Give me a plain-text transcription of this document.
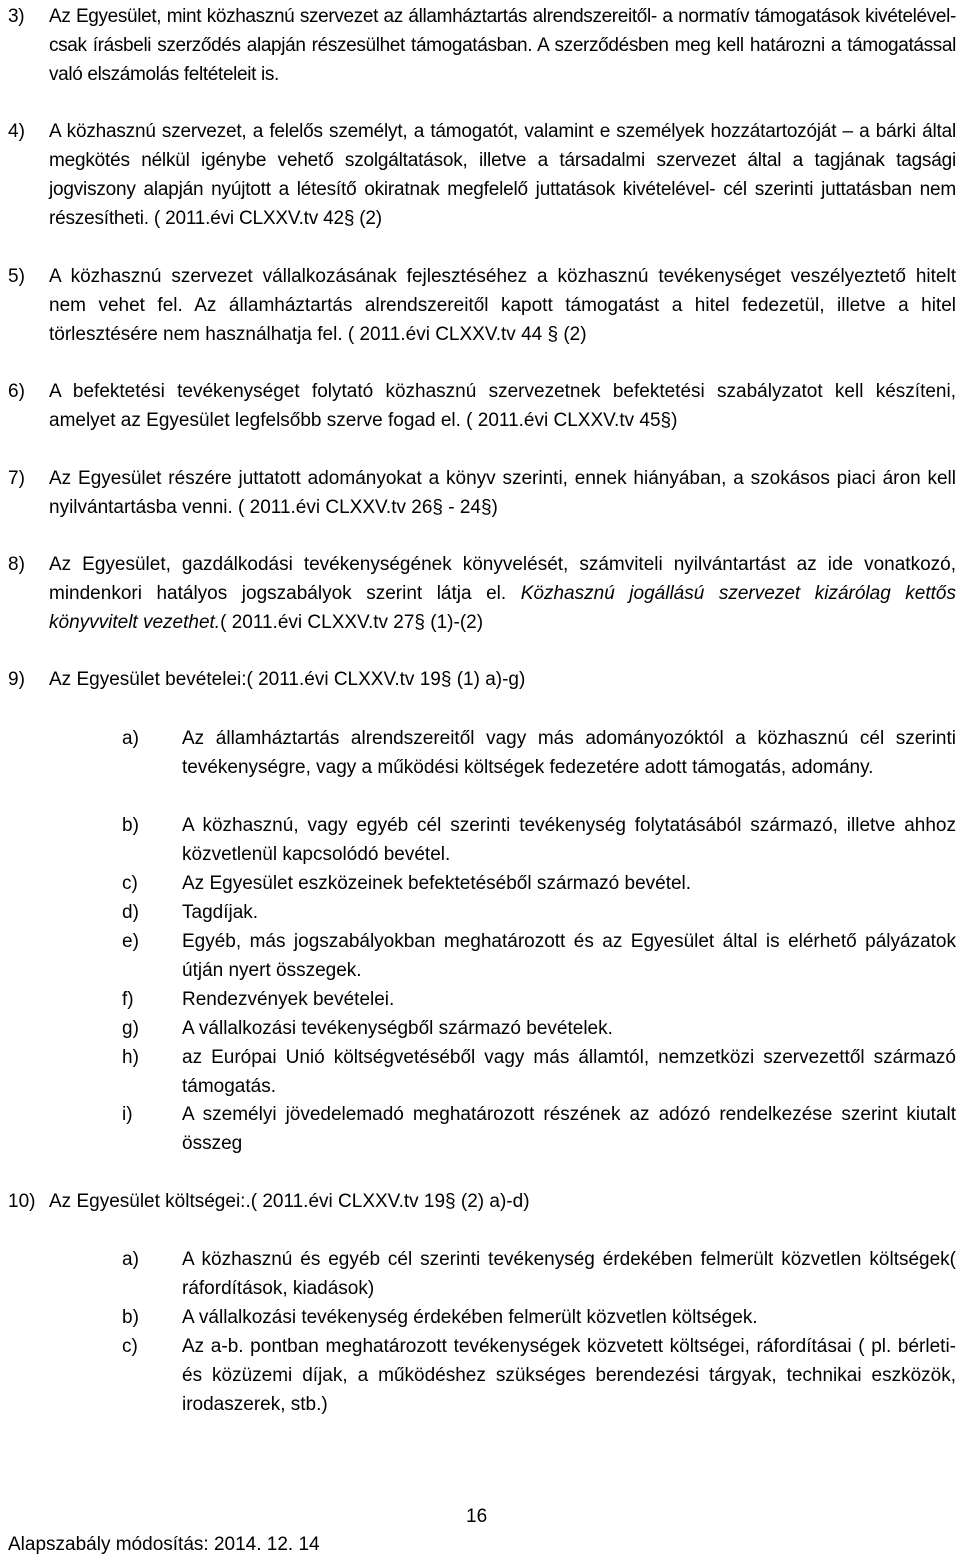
3) Az Egyesület, mint közhasznú szervezet az államháztartás alrendszereitől- a normatív támogatások kivételével- csak írásbeli szerződés alapján részesülhet támogatásban. A szerződésben meg kell határozni a támogatással való elszámolás feltételeit is.
4) A közhasznú szervezet, a felelős személyt, a támogatót, valamint e személyek hozzátartozóját – a bárki által megkötés nélkül igénybe vehető szolgáltatások, illetve a társadalmi szervezet által a tagjának tagsági jogviszony alapján nyújtott a létesítő okiratnak megfelelő juttatások kivételével- cél szerinti juttatásban nem részesítheti. ( 2011.évi CLXXV.tv 42§ (2)
5) A közhasznú szervezet vállalkozásának fejlesztéséhez a közhasznú tevékenységet veszélyeztető hitelt nem vehet fel. Az államháztartás alrendszereitől kapott támogatást a hitel fedezetül, illetve a hitel törlesztésére nem használhatja fel. ( 2011.évi CLXXV.tv 44 § (2)
6) A befektetési tevékenységet folytató közhasznú szervezetnek befektetési szabályzatot kell készíteni, amelyet az Egyesület legfelsőbb szerve fogad el. ( 2011.évi CLXXV.tv 45§)
7) Az Egyesület részére juttatott adományokat a könyv szerinti, ennek hiányában, a szokásos piaci áron kell nyilvántartásba venni. ( 2011.évi CLXXV.tv 26§ - 24§)
8) Az Egyesület, gazdálkodási tevékenységének könyvelését, számviteli nyilvántartást az ide vonatkozó, mindenkori hatályos jogszabályok szerint látja el. Közhasznú jogállású szervezet kizárólag kettős könyvvitelt vezethet.( 2011.évi CLXXV.tv 27§ (1)-(2)
9) Az Egyesület bevételei:( 2011.évi CLXXV.tv 19§ (1) a)-g)
a) Az államháztartás alrendszereitől vagy más adományozóktól a közhasznú cél szerinti tevékenységre, vagy a működési költségek fedezetére adott támogatás, adomány.
b) A közhasznú, vagy egyéb cél szerinti tevékenység folytatásából származó, illetve ahhoz közvetlenül kapcsolódó bevétel.
c) Az Egyesület eszközeinek befektetéséből származó bevétel.
d) Tagdíjak.
e) Egyéb, más jogszabályokban meghatározott és az Egyesület által is elérhető pályázatok útján nyert összegek.
f)	Rendezvények bevételei.
g) A vállalkozási tevékenységből származó bevételek.
h) az Európai Unió költségvetéséből vagy más államtól, nemzetközi szervezettől származó támogatás.
i)	A személyi jövedelemadó meghatározott részének az adózó rendelkezése szerint kiutalt összeg
10) Az Egyesület költségei:.( 2011.évi CLXXV.tv 19§ (2) a)-d)
a) A közhasznú és egyéb cél szerinti tevékenység érdekében felmerült közvetlen költségek( ráfordítások, kiadások)
b) A vállalkozási tevékenység érdekében felmerült közvetlen költségek.
c) Az a-b. pontban meghatározott tevékenységek közvetett költségei, ráfordításai ( pl. bérleti- és közüzemi díjak, a működéshez szükséges berendezési tárgyak, technikai eszközök, irodaszerek, stb.)
16
Alapszabály módosítás: 2014. 12. 14
